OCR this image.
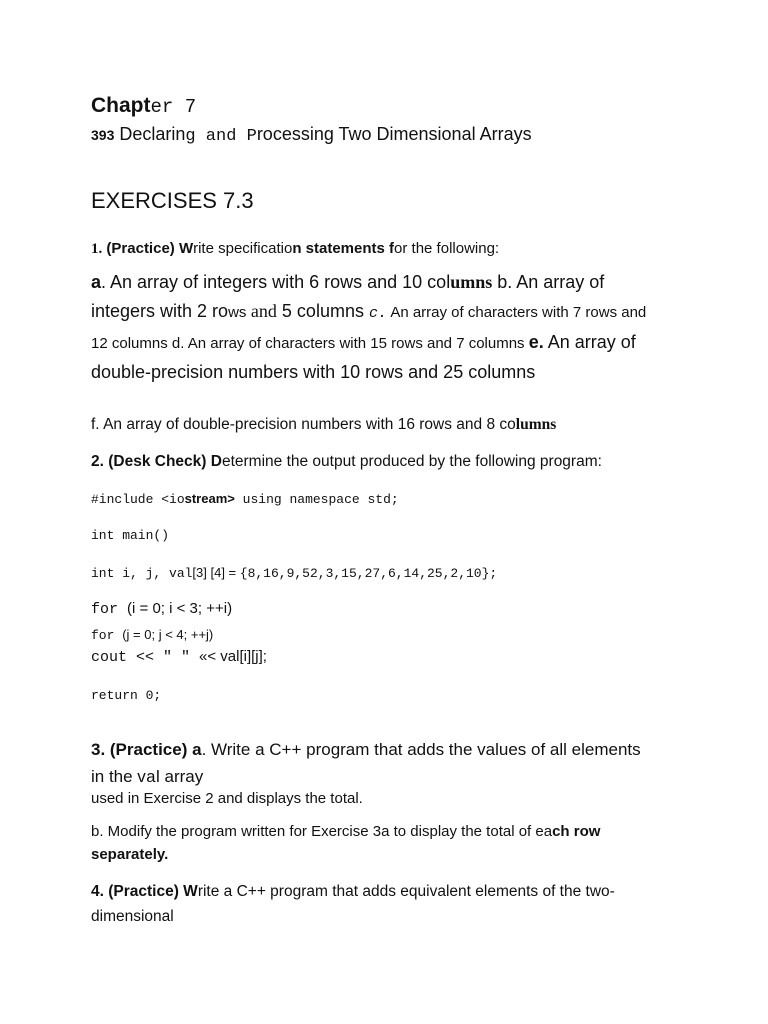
Chapter 7

393 Declaring and Processing Two Dimensional Arrays

EXERCISES 7.3

1. (Practice) Write specification statements for the following:

a. An array of integers with 6 rows and 10 columns b. An array of integers with 2 rows and 5 columns c. An array of characters with 7 rows and 12 columns d. An array of characters with 15 rows and 7 columns e. An array of double-precision numbers with 10 rows and 25 columns

f. An array of double-precision numbers with 16 rows and 8 columns

2. (Desk Check) Determine the output produced by the following program:

#include <iostream> using namespace std;

int main()

int i, j, val[3] [4] = {8,16,9,52,3,15,27,6,14,25,2,10};

for (i = 0; i < 3; ++i)

for (j = 0; j < 4; ++j)

cout << " " «< val[i][j];

return 0;

3. (Practice) a. Write a C++ program that adds the values of all elements in the val array

used in Exercise 2 and displays the total.

b. Modify the program written for Exercise 3a to display the total of each row separately.

4. (Practice) Write a C++ program that adds equivalent elements of the two-dimensional
